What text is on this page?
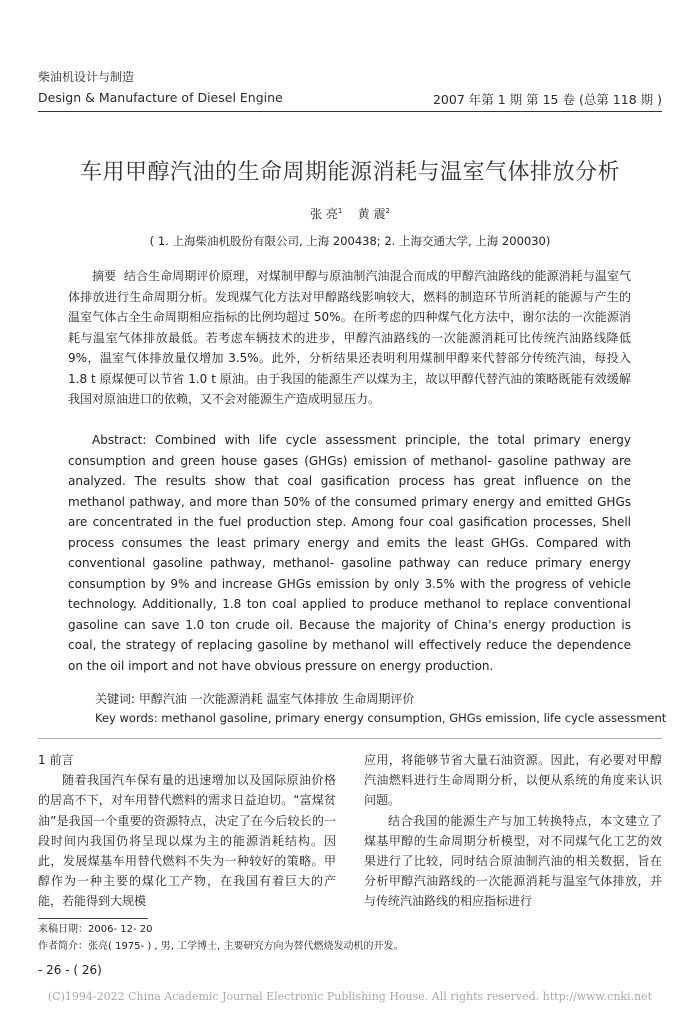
柴油机设计与制造
Design & Manufacture of Diesel Engine	2007 年第 1 期 第 15 卷 (总第 118 期 )
车用甲醇汽油的生命周期能源消耗与温室气体排放分析
张 亮$^1$ 黄 震$^2$
( 1. 上海柴油机股份有限公司, 上海 200438; 2. 上海交通大学, 上海 200030)

摘要 结合生命周期评价原理，对煤制甲醇与原油制汽油混合而成的甲醇汽油路线的能源消耗与温室气体排放进行生命周期分析。发现煤气化方法对甲醇路线影响较大，燃料的制造环节所消耗的能源与产生的温室气体占全生命周期相应指标的比例均超过 50%。在所考虑的四种煤气化方法中，谢尔法的一次能源消耗与温室气体排放最低。若考虑车辆技术的进步，甲醇汽油路线的一次能源消耗可比传统汽油路线降低 9%，温室气体排放量仅增加 3.5%。此外，分析结果还表明利用煤制甲醇来代替部分传统汽油，每投入 1.8 t 原煤便可以节省 1.0 t 原油。由于我国的能源生产以煤为主，故以甲醇代替汽油的策略既能有效缓解我国对原油进口的依赖，又不会对能源生产造成明显压力。

Abstract: Combined with life cycle assessment principle, the total primary energy consumption and green house gases (GHGs) emission of methanol- gasoline pathway are analyzed. The results show that coal gasification process has great influence on the methanol pathway, and more than 50% of the consumed primary energy and emitted GHGs are concentrated in the fuel production step. Among four coal gasification processes, Shell process consumes the least primary energy and emits the least GHGs. Compared with conventional gasoline pathway, methanol- gasoline pathway can reduce primary energy consumption by 9% and increase GHGs emission by only 3.5% with the progress of vehicle technology. Additionally, 1.8 ton coal applied to produce methanol to replace conventional gasoline can save 1.0 ton crude oil. Because the majority of China's energy production is coal, the strategy of replacing gasoline by methanol will effectively reduce the dependence on the oil import and not have obvious pressure on energy production.

关键词: 甲醇汽油 一次能源消耗 温室气体排放 生命周期评价
Key words: methanol gasoline, primary energy consumption, GHGs emission, life cycle assessment
1 前言
随着我国汽车保有量的迅速增加以及国际原油价格的居高不下，对车用替代燃料的需求日益迫切。“富煤贫油”是我国一个重要的资源特点，决定了在今后较长的一段时间内我国仍将呈现以煤为主的能源消耗结构。因此，发展煤基车用替代燃料不失为一种较好的策略。甲醇作为一种主要的煤化工产物，在我国有着巨大的产能，若能得到大规模
应用，将能够节省大量石油资源。因此，有必要对甲醇汽油燃料进行生命周期分析，以便从系统的角度来认识问题。
结合我国的能源生产与加工转换特点，本文建立了煤基甲醇的生命周期分析模型，对不同煤气化工艺的效果进行了比较，同时结合原油制汽油的相关数据，旨在分析甲醇汽油路线的一次能源消耗与温室气体排放，并与传统汽油路线的相应指标进行
来稿日期：2006- 12- 20
作者简介：张亮( 1975- ) , 男, 工学博士, 主要研究方向为替代燃烧发动机的开发。
- 26 - ( 26)
(C)1994-2022 China Academic Journal Electronic Publishing House. All rights reserved. http://www.cnki.net
